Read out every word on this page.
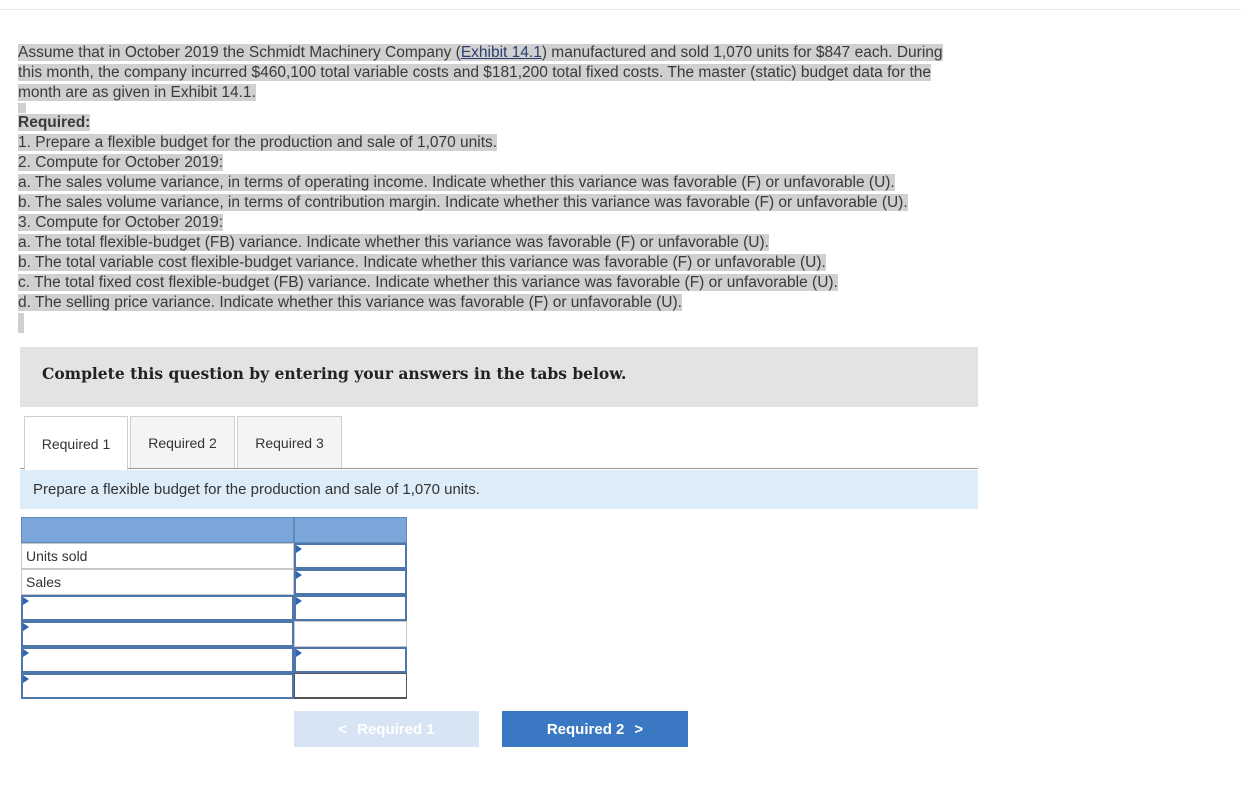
Assume that in October 2019 the Schmidt Machinery Company (Exhibit 14.1) manufactured and sold 1,070 units for $847 each. During
this month, the company incurred $460,100 total variable costs and $181,200 total fixed costs. The master (static) budget data for the
month are as given in Exhibit 14.1.
Required:
1. Prepare a flexible budget for the production and sale of 1,070 units.
2. Compute for October 2019:
a. The sales volume variance, in terms of operating income. Indicate whether this variance was favorable (F) or unfavorable (U).
b. The sales volume variance, in terms of contribution margin. Indicate whether this variance was favorable (F) or unfavorable (U).
3. Compute for October 2019:
a. The total flexible-budget (FB) variance. Indicate whether this variance was favorable (F) or unfavorable (U).
b. The total variable cost flexible-budget variance. Indicate whether this variance was favorable (F) or unfavorable (U).
c. The total fixed cost flexible-budget (FB) variance. Indicate whether this variance was favorable (F) or unfavorable (U).
d. The selling price variance. Indicate whether this variance was favorable (F) or unfavorable (U).
Complete this question by entering your answers in the tabs below.
Required 1	Required 2	Required 3
Prepare a flexible budget for the production and sale of 1,070 units.
Units sold
Sales
< Required 1	Required 2 >
